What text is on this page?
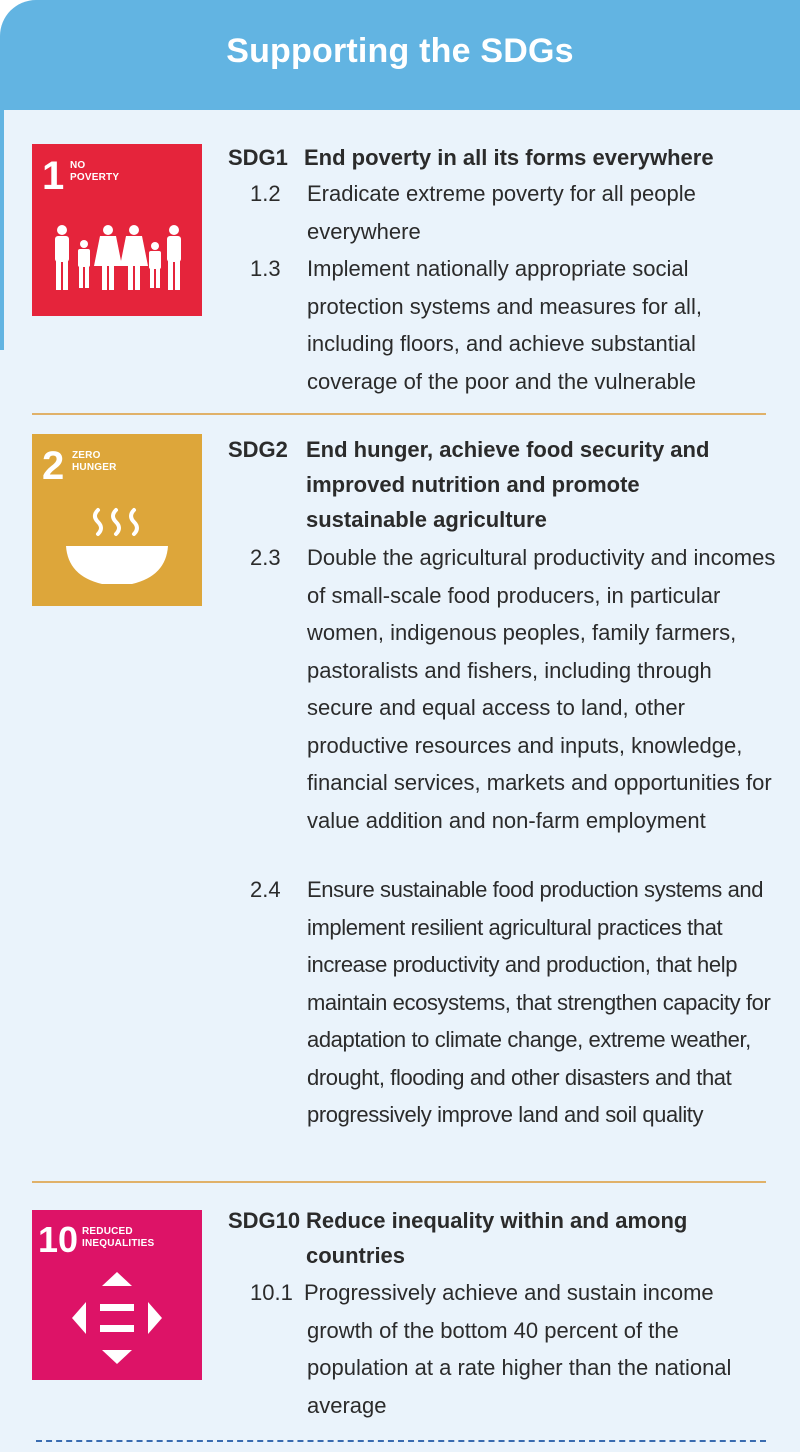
Supporting the SDGs
1 NO
POVERTY
SDG1 End poverty in all its forms everywhere
1.2 Eradicate extreme poverty for all people everywhere
1.3 Implement nationally appropriate social protection systems and measures for all, including floors, and achieve substantial coverage of the poor and the vulnerable
2 ZERO
HUNGER
SDG2 End hunger, achieve food security and improved nutrition and promote sustainable agriculture
2.3 Double the agricultural productivity and incomes of small-scale food producers, in particular women, indigenous peoples, family farmers, pastoralists and fishers, including through secure and equal access to land, other productive resources and inputs, knowledge, financial services, markets and opportunities for value addition and non-farm employment
2.4 Ensure sustainable food production systems and implement resilient agricultural practices that increase productivity and production, that help maintain ecosystems, that strengthen capacity for adaptation to climate change, extreme weather, drought, flooding and other disasters and that progressively improve land and soil quality
10 REDUCED
INEQUALITIES
SDG10 Reduce inequality within and among countries
10.1 Progressively achieve and sustain income growth of the bottom 40 percent of the population at a rate higher than the national average
